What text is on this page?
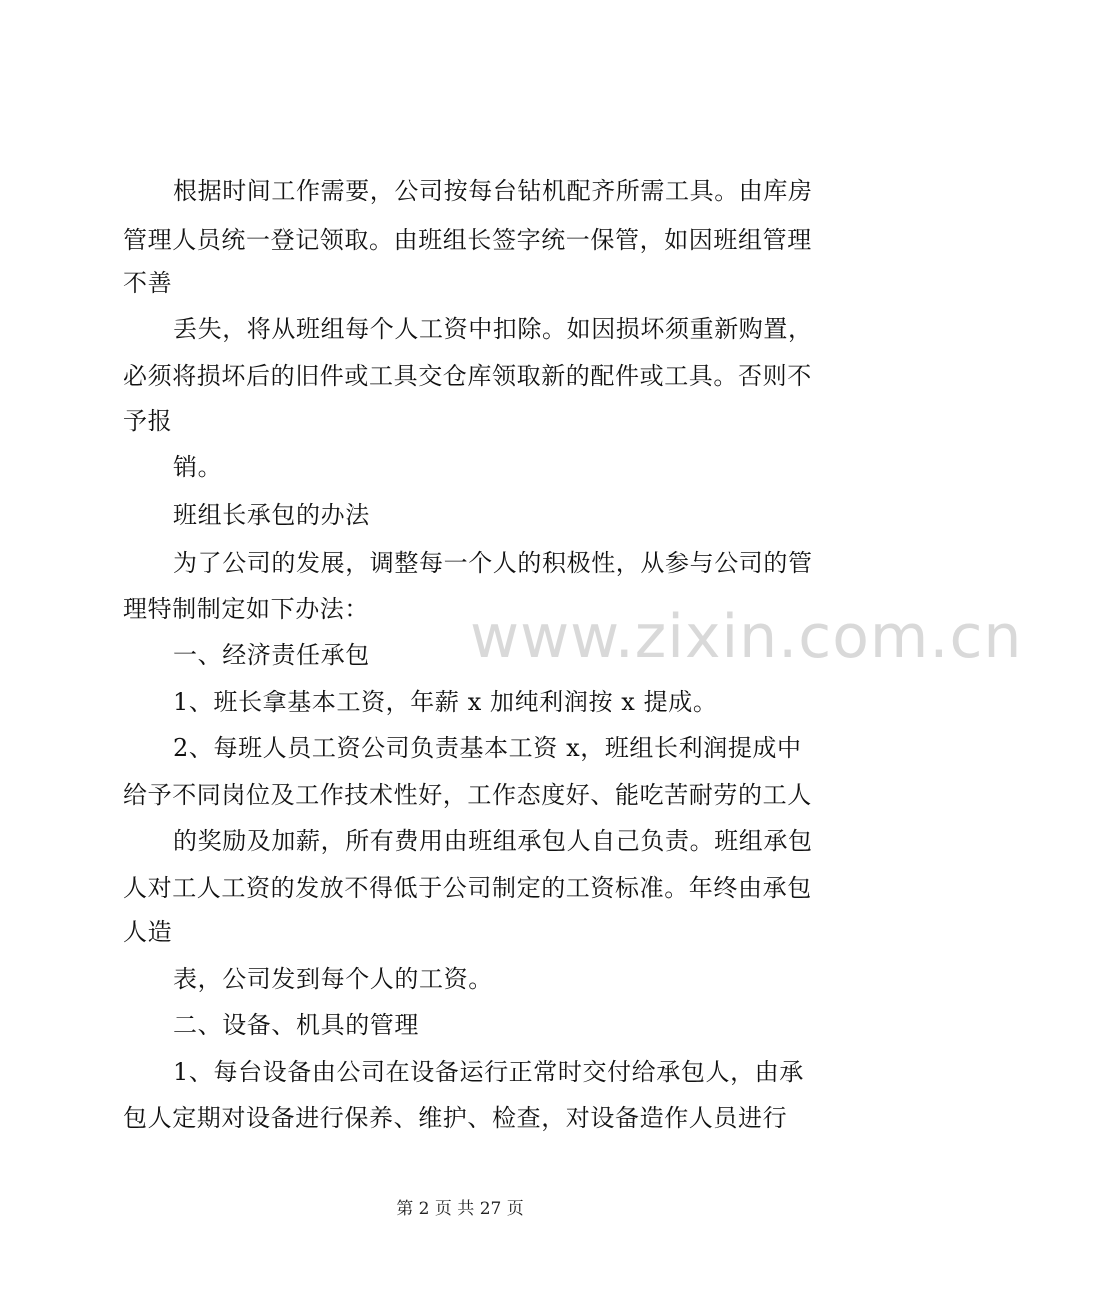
根据时间工作需要，公司按每台钻机配齐所需工具。由库房
管理人员统一登记领取。由班组长签字统一保管，如因班组管理
不善
丢失，将从班组每个人工资中扣除。如因损坏须重新购置，
必须将损坏后的旧件或工具交仓库领取新的配件或工具。否则不
予报
销。
班组长承包的办法
为了公司的发展，调整每一个人的积极性，从参与公司的管
理特制制定如下办法：
一、经济责任承包
1、班长拿基本工资，年薪 x 加纯利润按 x 提成。
2、每班人员工资公司负责基本工资 x，班组长利润提成中
给予不同岗位及工作技术性好，工作态度好、能吃苦耐劳的工人
的奖励及加薪，所有费用由班组承包人自己负责。班组承包
人对工人工资的发放不得低于公司制定的工资标准。年终由承包
人造
表，公司发到每个人的工资。
二、设备、机具的管理
1、每台设备由公司在设备运行正常时交付给承包人，由承
包人定期对设备进行保养、维护、检查，对设备造作人员进行
www.zixin.com.cn
第 2 页 共 27 页
